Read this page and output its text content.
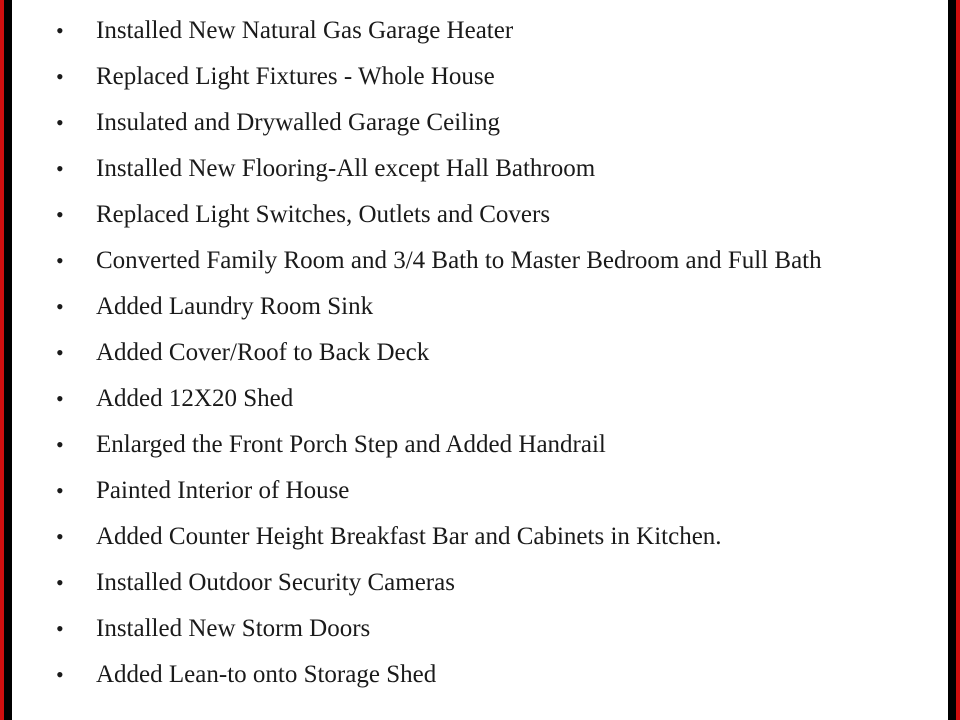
•	Installed New Natural Gas Garage Heater
•	Replaced Light Fixtures - Whole House
•	Insulated and Drywalled Garage Ceiling
•	Installed New Flooring-All except Hall Bathroom
•	Replaced Light Switches, Outlets and Covers
•	Converted Family Room and 3/4 Bath to Master Bedroom and Full Bath
•	Added Laundry Room Sink
•	Added Cover/Roof to Back Deck
•	Added 12X20 Shed
•	Enlarged the Front Porch Step and Added Handrail
•	Painted Interior of House
•	Added Counter Height Breakfast Bar and Cabinets in Kitchen.
•	Installed Outdoor Security Cameras
•	Installed New Storm Doors
•	Added Lean-to onto Storage Shed
